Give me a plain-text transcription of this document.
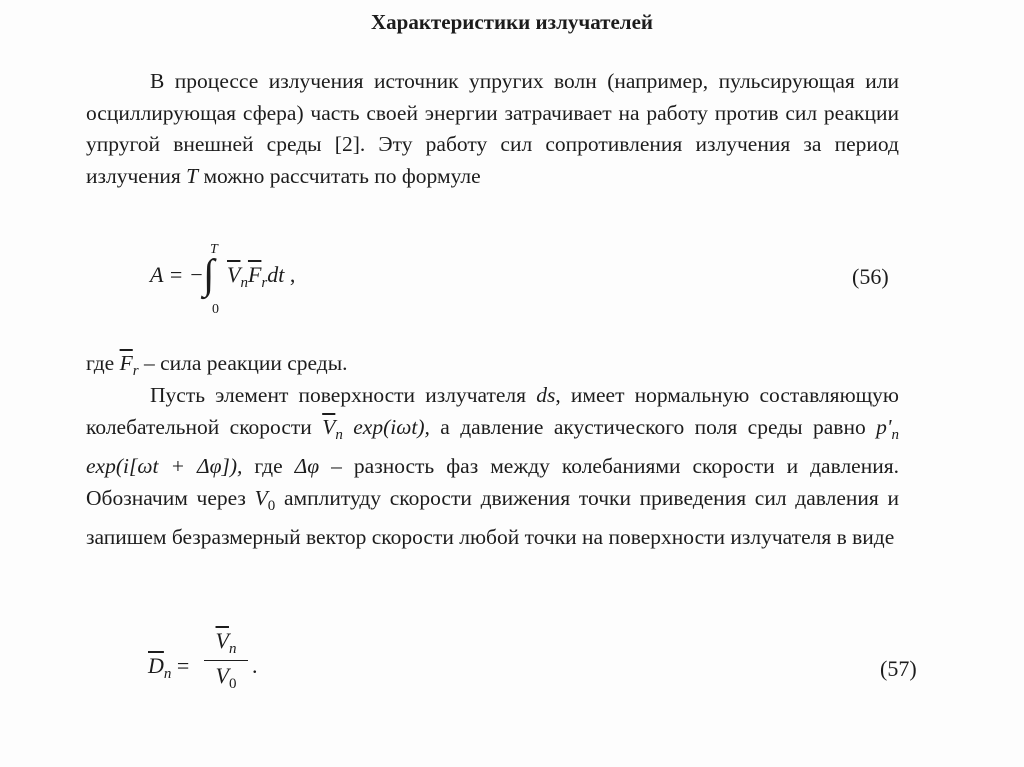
Характеристики излучателей

В процессе излучения источник упругих волн (например, пульсирующая или осциллирующая сфера) часть своей энергии затрачивает на работу против сил реакции упругой внешней среды [2]. Эту работу сил сопротивления излучения за период излучения T можно рассчитать по формуле

A = − ∫
T
0
$\overline{V}_n\overline{F}_rdt$ ,	(56)

где $\overline{F}_r$ – сила реакции среды.

Пусть элемент поверхности излучателя ds, имеет нормальную составляющую колебательной скорости $\overline{V}_n$ exp(iωt), а давление акустического поля среды равно $p'_n$ exp(i[ωt + Δφ]), где Δφ – разность фаз между колебаниями скорости и давления. Обозначим через $V_0$ амплитуду скорости движения точки приведения сил давления и запишем безразмерный вектор скорости любой точки на поверхности излучателя в виде

$\overline{D}_n$ =
$\overline{V}_n$
$V_0$
.	(57)
